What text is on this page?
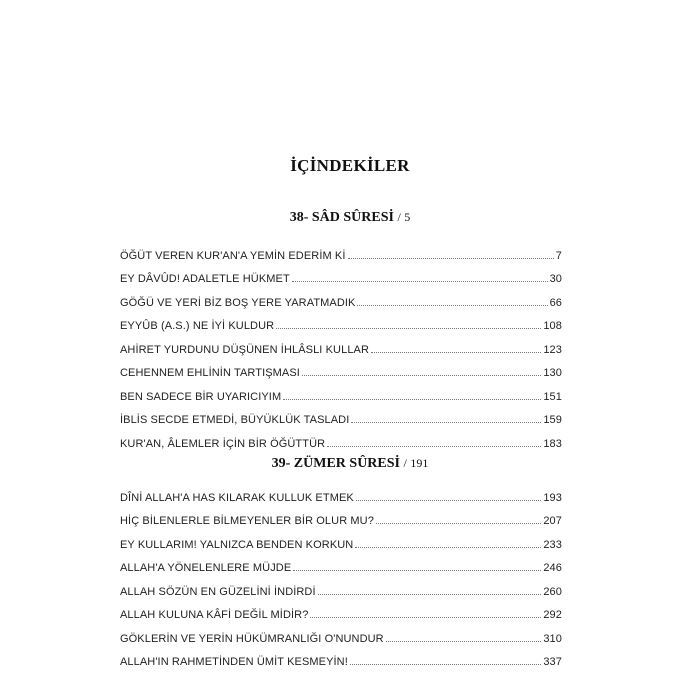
İÇİNDEKİLER
38- SÂD SÛRESİ / 5
ÖĞÜT VEREN KUR'AN'A YEMİN EDERİM Kİ	7
EY DÂVÛD! ADALETLE HÜKMET	30
GÖĞÜ VE YERİ BİZ BOŞ YERE YARATMADIK	66
EYYÛB (A.S.) NE İYİ KULDUR	108
AHİRET YURDUNU DÜŞÜNEN İHLÂSLI KULLAR	123
CEHENNEM EHLİNİN TARTIŞMASI	130
BEN SADECE BİR UYARICIYIM	151
İBLİS SECDE ETMEDİ, BÜYÜKLÜK TASLADI	159
KUR'AN, ÂLEMLER İÇİN BİR ÖĞÜTTÜR	183
39- ZÜMER SÛRESİ / 191
DÎNİ ALLAH'A HAS KILARAK KULLUK ETMEK	193
HİÇ BİLENLERLE BİLMEYENLER BİR OLUR MU?	207
EY KULLARIM! YALNIZCA BENDEN KORKUN	233
ALLAH'A YÖNELENLERE MÜJDE	246
ALLAH SÖZÜN EN GÜZELİNİ İNDİRDİ	260
ALLAH KULUNA KÂFİ DEĞİL MİDİR?	292
GÖKLERİN VE YERİN HÜKÜMRANLIĞI O'NUNDUR	310
ALLAH'IN RAHMETİNDEN ÜMİT KESMEYİN!	337
